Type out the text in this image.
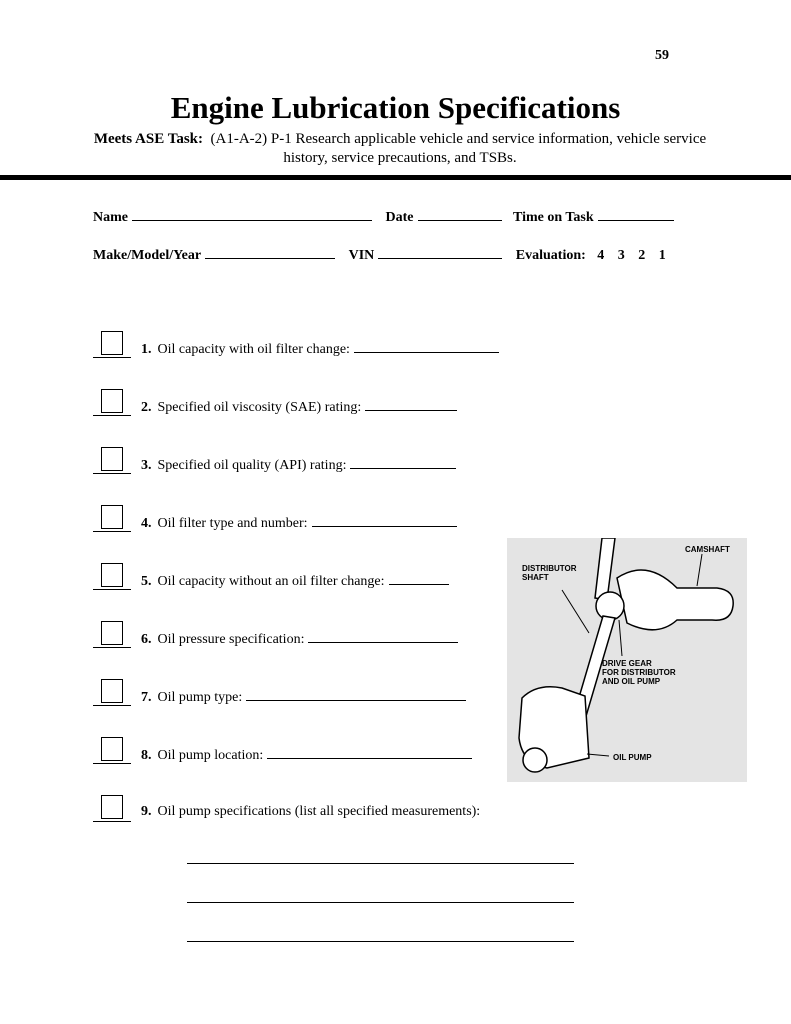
59
Engine Lubrication Specifications
Meets ASE Task: (A1-A-2) P-1 Research applicable vehicle and service information, vehicle service history, service precautions, and TSBs.
Name	Date	Time on Task
Make/Model/Year	VIN	Evaluation: 4 3 2 1
1. Oil capacity with oil filter change:
2. Specified oil viscosity (SAE) rating:
3. Specified oil quality (API) rating:
4. Oil filter type and number:
5. Oil capacity without an oil filter change:
6. Oil pressure specification:
7. Oil pump type:
8. Oil pump location:
9. Oil pump specifications (list all specified measurements):
DISTRIBUTOR
SHAFT
CAMSHAFT
DRIVE GEAR
FOR DISTRIBUTOR
AND OIL PUMP
OIL PUMP
